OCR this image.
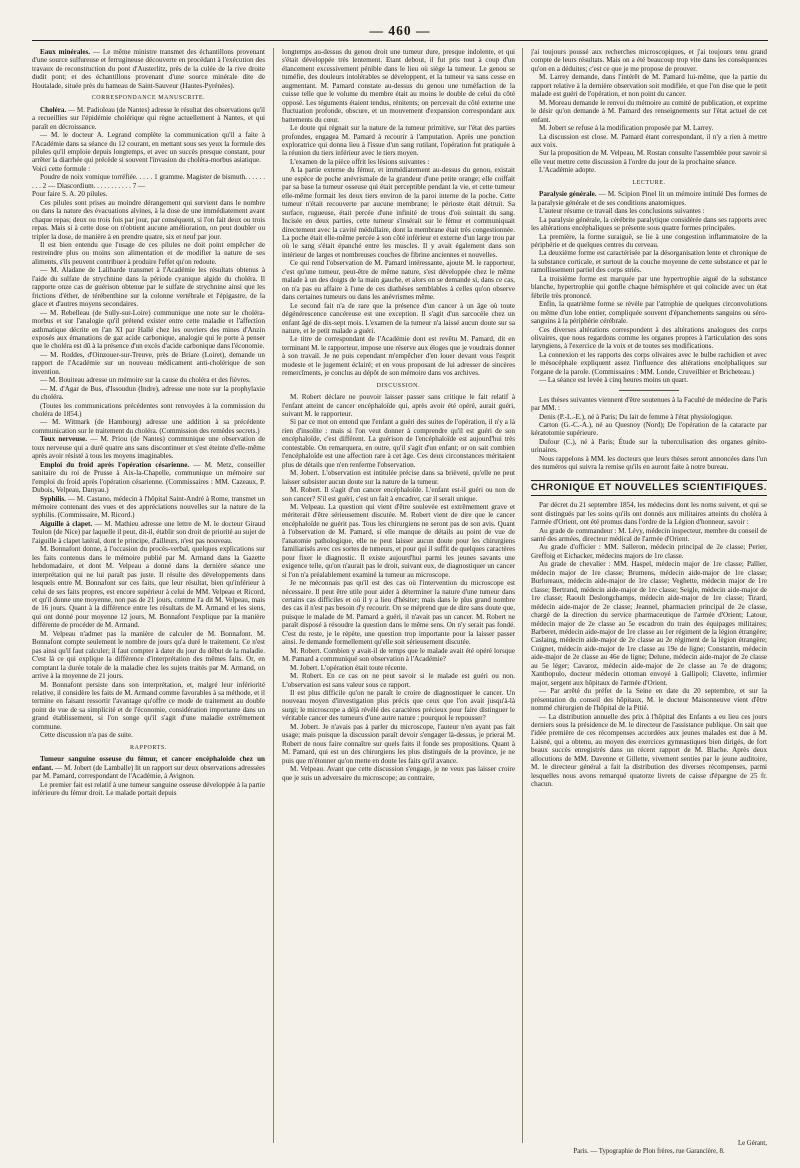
— 460 —

Eaux minérales. — Le même ministre transmet des échantillons provenant d'une source sulfureuse et ferrugineuse découverte en procédant à l'exécution des travaux de reconstruction du pont d'Austerlitz, près de la culée de la rive droite dudit pont; et des échantillons provenant d'une source minérale dite de Houtalade, située près du hameau de Saint-Sauveur (Hautes-Pyrénées).

CORRESPONDANCE MANUSCRITE.

Choléra. — M. Padioleau (de Nantes) adresse le résultat des observations qu'il a recueillies sur l'épidémie cholérique qui règne actuellement à Nantes, et qui paraît en décroissance.

— M. le docteur A. Legrand complète la communication qu'il a faite à l'Académie dans sa séance du 12 courant, en mettant sous ses yeux la formule des pilules qu'il emploie depuis longtemps, et avec un succès presque constant, pour arrêter la diarrhée qui précède si souvent l'invasion du choléra-morbus asiatique.

Voici cette formule :

Poudre de noix vomique torréfiée. . . . . 1 gramme. Magister de bismuth. . . . . . . . . 2 — Diascordium. . . . . . . . . . . 7 —

Pour faire S. A. 20 pilules.

Ces pilules sont prises au moindre dérangement qui survient dans le nombre ou dans la nature des évacuations alvines, à la dose de une immédiatement avant chaque repas; deux ou trois fois par jour, par conséquent, si l'on fait deux ou trois repas. Mais si à cette dose on n'obtient aucune amélioration, on peut doubler ou tripler la dose, de manière à en prendre quatre, six et neuf par jour.

Il est bien entendu que l'usage de ces pilules ne doit point empêcher de restreindre plus ou moins son alimentation et de modifier la nature de ses aliments, s'ils peuvent contribuer à produire l'effet qu'on redoute.

— M. Aladane de Lalibarde transmet à l'Académie les résultats obtenus à l'aide du sulfate de strychnine dans la période cyanique algide du choléra. Il rapporte onze cas de guérison obtenue par le sulfate de strychnine ainsi que les frictions d'éther, de térébenthine sur la colonne vertébrale et l'épigastre, de la glace et d'autres moyens secondaires.

— M. Rebelleau (de Sully-sur-Loire) communique une note sur le choléra-morbus et sur l'analogie qu'il prétend exister entre cette maladie et l'affection asthmatique décrite en l'an XI par Hallé chez les ouvriers des mines d'Anzin exposés aux émanations de gaz acide carbonique, analogie qui le porte à penser que le choléra est dû à la présence d'un excès d'acide carbonique dans l'économie.

— M. Roddes, d'Oinzouer-sur-Treuve, près de Briare (Loiret), demande un rapport de l'Académie sur un nouveau médicament anti-cholérique de son invention.

— M. Bouiteau adresse un mémoire sur la cause du choléra et des fièvres.

— M. d'Agar de Bus, d'Issoudun (Indre), adresse une note sur la prophylaxie du choléra.

(Toutes les communications précédentes sont renvoyées à la commission du choléra de 1854.)

— M. Witmark (de Hambourg) adresse une addition à sa précédente communication sur le traitement du choléra. (Commission des remèdes secrets.)

Toux nerveuse. — M. Priou (de Nantes) communique une observation de toux nerveuse qui a duré quatre ans sans discontinuer et s'est éteinte d'elle-même après avoir résisté à tous les moyens imaginables.

Emploi du froid après l'opération césarienne. — M. Metz, conseiller sanitaire du roi de Prusse à Aix-la-Chapelle, communique un mémoire sur l'emploi du froid après l'opération césarienne. (Commissaires : MM. Cazeaux, P. Dubois, Velpeau, Danyau.)

Syphilis. — M. Castano, médecin à l'hôpital Saint-André à Rome, transmet un mémoire contenant des vues et des appréciations nouvelles sur la nature de la syphilis. (Commissaire, M. Ricord.)

Aiguille à clapet. — M. Mathieu adresse une lettre de M. le docteur Giraud Teulon (de Nice) par laquelle il peut, dit-il, établir son droit de priorité au sujet de l'aiguille à clapet latéral, dont le principe, d'ailleurs, n'est pas nouveau.

M. Bonnafont donne, à l'occasion du procès-verbal, quelques explications sur les faits contenus dans le mémoire publié par M. Armand dans la Gazette hebdomadaire, et dont M. Velpeau a donné dans la dernière séance une interprétation qui ne lui paraît pas juste. Il résulte des développements dans lesquels entre M. Bonnafont sur ces faits, que leur résultat, bien qu'inférieur à celui de ses faits propres, est encore supérieur à celui de MM. Velpeau et Ricord, et qu'il donne une moyenne, non pas de 21 jours, comme l'a dit M. Velpeau, mais de 16 jours. Quant à la différence entre les résultats de M. Armand et les siens, qui ont donné pour moyenne 12 jours, M. Bonnafont l'explique par la manière différente de procéder de M. Armand.

M. Velpeau n'admet pas la manière de calculer de M. Bonnafont. M. Bonnafont compte seulement le nombre de jours qu'a duré le traitement. Ce n'est pas ainsi qu'il faut calculer; il faut compter à dater du jour du début de la maladie. C'est là ce qui explique la différence d'interprétation des mêmes faits. Or, en comptant la durée totale de la maladie chez les sujets traités par M. Armand, on arrive à la moyenne de 21 jours.

M. Bonnafont persiste dans son interprétation, et, malgré leur infériorité relative, il considère les faits de M. Armand comme favorables à sa méthode, et il termine en faisant ressortir l'avantage qu'offre ce mode de traitement au double point de vue de sa simplicité et de l'économie, considération importante dans un grand établissement, si l'on songe qu'il s'agit d'une maladie extrêmement commune.

Cette discussion n'a pas de suite.

RAPPORTS.

Tumeur sanguine osseuse du fémur, et cancer encéphaloïde chez un enfant. — M. Jobert (de Lamballe) lit un rapport sur deux observations adressées par M. Pamard, correspondant de l'Académie, à Avignon.

Le premier fait est relatif à une tumeur sanguine osseuse développée à la partie inférieure du fémur droit. Le malade portait depuis

longtemps au-dessus du genou droit une tumeur dure, presque indolente, et qui s'était développée très lentement. Etant debout, il fut pris tout à coup d'un élancement excessivement pénible dans le lieu où siège la tumeur. Le genou se tuméfie, des douleurs intolérables se développent, et la tumeur va sans cesse en augmentant. M. Pamard constate au-dessus du genou une tuméfaction de la cuisse telle que le volume du membre était au moins le double de celui du côté opposé. Les téguments étaient tendus, rénitents; on percevait du côté externe une fluctuation profonde, obscure, et un mouvement d'expansion correspondant aux battements du cœur.

Le doute qui régnait sur la nature de la tumeur primitive, sur l'état des parties profondes, engagea M. Pamard à recourir à l'amputation. Après une ponction exploratrice qui donna lieu à l'issue d'un sang rutilant, l'opération fut pratiquée à la réunion du tiers inférieur avec le tiers moyen.

L'examen de la pièce offrit les lésions suivantes :

A la partie externe du fémur, et immédiatement au-dessus du genou, existait une espèce de poche anévrismale de la grandeur d'une petite orange; elle coiffait par sa base la tumeur osseuse qui était perceptible pendant la vie, et cette tumeur elle-même formait les deux tiers environ de la paroi interne de la poche. Cette tumeur n'était recouverte par aucune membrane; le périoste était détruit. Sa surface, rugueuse, était percée d'une infinité de trous d'où suintait du sang. Incisée en deux parties, cette tumeur s'insérait sur le fémur et communiquait directement avec la cavité médullaire, dont la membrane était très congestionnée. La poche était elle-même percée à son côté inférieur et externe d'un large trou par où le sang s'était épanché entre les muscles. Il y avait également dans son intérieur de larges et nombreuses couches de fibrine anciennes et nouvelles.

Ce qui rend l'observation de M. Pamard intéressante, ajoute M. le rapporteur, c'est qu'une tumeur, peut-être de même nature, s'est développée chez le même malade à un des doigts de la main gauche, et alors on se demande si, dans ce cas, on n'a pas eu affaire à l'une de ces diathèses semblables à celles qu'on observe dans certaines tumeurs ou dans les anévrismes même.

Le second fait n'a de rare que la présence d'un cancer à un âge où toute dégénérescence cancéreuse est une exception. Il s'agit d'un sarcocèle chez un enfant âgé de dix-sept mois. L'examen de la tumeur n'a laissé aucun doute sur sa nature, et le petit malade a guéri.

Le titre de correspondant de l'Académie dont est revêtu M. Pamard, dit en terminant M. le rapporteur, impose une réserve aux éloges que je voudrais donner à son travail. Je ne puis cependant m'empêcher d'en louer devant vous l'esprit modeste et le jugement éclairé; et en vous proposant de lui adresser de sincères remercîments, je conclus au dépôt de son mémoire dans vos archives.

DISCUSSION.

M. Robert déclare ne pouvoir laisser passer sans critique le fait relatif à l'enfant atteint de cancer encéphaloïde qui, après avoir été opéré, aurait guéri, suivant M. le rapporteur.

Si par ce mot on entend que l'enfant a guéri des suites de l'opération, il n'y a là rien d'insolite : mais si l'on veut donner à comprendre qu'il est guéri de son encéphaloïde, c'est différent. La guérison de l'encéphaloïde est aujourd'hui très contestable. On remarquera, en outre, qu'il s'agit d'un enfant; or on sait combien l'encéphaloïde est une affection rare à cet âge. Ces deux circonstances méritaient plus de détails que n'en renferme l'observation.

M. Jobert. L'observation est intitulée précise dans sa brièveté, qu'elle ne peut laisser subsister aucun doute sur la nature de la tumeur.

M. Robert. Il s'agit d'un cancer encéphaloïde. L'enfant est-il guéri ou non de son cancer? S'il est guéri, c'est un fait à encadrer, car il serait unique.

M. Velpeau. La question qui vient d'être soulevée est extrêmement grave et mériterait d'être sérieusement discutée. M. Robert vient de dire que le cancer encéphaloïde ne guérit pas. Tous les chirurgiens ne seront pas de son avis. Quant à l'observation de M. Pamard, si elle manque de détails au point de vue de l'anatomie pathologique, elle ne peut laisser aucun doute pour les chirurgiens familiarisés avec ces sortes de tumeurs, et pour qui il suffit de quelques caractères pour fixer le diagnostic. Il existe aujourd'hui parmi les jeunes savants une exigence telle, qu'on n'aurait pas le droit, suivant eux, de diagnostiquer un cancer si l'on n'a préalablement examiné la tumeur au microscope.

Je ne méconnais pas qu'il est des cas où l'intervention du microscope est nécessaire. Il peut être utile pour aider à déterminer la nature d'une tumeur dans certains cas difficiles et où il y a lieu d'hésiter; mais dans le plus grand nombre des cas il n'est pas besoin d'y recourir. On se méprend que de dire sans doute que, puisque le malade de M. Pamard a guéri, il n'avait pas un cancer. M. Robert ne paraît disposé à résoudre la question dans le même sens. On n'y serait pas fondé. C'est du reste, je le répète, une question trop importante pour la laisser passer ainsi. Je demande formellement qu'elle soit sérieusement discutée.

M. Robert. Combien y avait-il de temps que le malade avait été opéré lorsque M. Pamard a communiqué son observation à l'Académie?

M. Jobert. L'opération était toute récente.

M. Robert. En ce cas on ne peut savoir si le malade est guéri ou non. L'observation est sans valeur sous ce rapport.

Il est plus difficile qu'on ne paraît le croire de diagnostiquer le cancer. Un nouveau moyen d'investigation plus précis que ceux que l'on avait jusqu'à-là surgi; le microscope a déjà révélé des caractères précieux pour faire distinguer le véritable cancer des tumeurs d'une autre nature : pourquoi le repousser?

M. Jobert. Je n'avais pas à parler du microscope, l'auteur n'en ayant pas fait usage; mais puisque la discussion paraît devoir s'engager là-dessus, je prierai M. Robert de nous faire connaître sur quels faits il fonde ses propositions. Quant à M. Pamard, qui est un des chirurgiens les plus distingués de la province, je ne puis que m'étonner qu'on mette en doute les faits qu'il avance.

M. Velpeau. Avant que cette discussion s'engage, je ne veux pas laisser croire que je suis un adversaire du microscope; au contraire,

j'ai toujours poussé aux recherches microscopiques, et j'ai toujours tenu grand compte de leurs résultats. Mais on a été beaucoup trop vite dans les conséquences qu'on en a déduites; c'est ce que je me propose de prouver.

M. Larrey demande, dans l'intérêt de M. Pamard lui-même, que la partie du rapport relative à la dernière observation soit modifiée, et que l'on dise que le petit malade est guéri de l'opération, et non point du cancer.

M. Moreau demande le renvoi du mémoire au comité de publication, et exprime le désir qu'on demande à M. Pamard des renseignements sur l'état actuel de cet enfant.

M. Jobert se refuse à la modification proposée par M. Larrey.

La discussion est close. M. Pamard étant correspondant, il n'y a rien à mettre aux voix.

Sur la proposition de M. Velpeau, M. Rostan consulte l'assemblée pour savoir si elle veut mettre cette discussion à l'ordre du jour de la prochaine séance.

L'Académie adopte.

LECTURE.

Paralysie générale. — M. Scipion Pinel lit un mémoire intitulé Des formes de la paralysie générale et de ses conditions anatomiques.

L'auteur résume ce travail dans les conclusions suivantes :

La paralysie générale, la cérébrite paralytique considérée dans ses rapports avec les altérations encéphaliques se présente sous quatre formes principales.

La première, la forme suraiguë, se lie à une congestion inflammatoire de la périphérie et de quelques centres du cerveau.

La deuxième forme est caractérisée par la désorganisation lente et chronique de la substance corticale, et surtout de la couche moyenne de cette substance et par le ramollissement partiel des corps striés.

La troisième forme est marquée par une hypertrophie aiguë de la substance blanche, hypertrophie qui gonfle chaque hémisphère et qui coïncide avec un état fébrile très prononcé.

Enfin, la quatrième forme se révèle par l'atrophie de quelques circonvolutions ou même d'un lobe entier, compliquée souvent d'épanchements sanguins ou séro-sanguins à la périphérie cérébrale.

Ces diverses altérations correspondent à des altérations analogues des corps olivaires, que nous regardons comme les organes propres à l'articulation des sons laryngiens, à l'exercice de la voix et de toutes ses modifications.

La connexion et les rapports des corps olivaires avec le bulbe rachidien et avec le mésocéphale expliquent assez l'influence des altérations encéphaliques sur l'organe de la parole. (Commissaires : MM. Londe, Cruveilhier et Bricheteau.)

— La séance est levée à cinq heures moins un quart.

Les thèses suivantes viennent d'être soutenues à la Faculté de médecine de Paris par MM. :

Denis (P.-L.-E.), né à Paris; Du lait de femme à l'état physiologique.

Carton (G.-C.-A.), né au Quesnoy (Nord); De l'opération de la cataracte par kératotomie supérieure.

Dufour (C.), né à Paris; Étude sur la tuberculisation des organes génito-urinaires.

Nous rappelons à MM. les docteurs que leurs thèses seront annoncées dans l'un des numéros qui suivra la remise qu'ils en auront faite à notre bureau.

CHRONIQUE ET NOUVELLES SCIENTIFIQUES.

Par décret du 21 septembre 1854, les médecins dont les noms suivent, et qui se sont distingués par les soins qu'ils ont donnés aux militaires atteints du choléra à l'armée d'Orient, ont été promus dans l'ordre de la Légion d'honneur, savoir :

Au grade de commandeur : M. Lévy, médecin inspecteur, membre du conseil de santé des armées, directeur médical de l'armée d'Orient.

Au grade d'officier : MM. Salleron, médecin principal de 2e classe; Perier, Greffoig et Eichacker, médecins majors de 1re classe.

Au grade de chevalier : MM. Haspel, médecin major de 1re classe; Pallier, médecin major de 1re classe; Brumens, médecin aide-major de 1re classe; Burlureaux, médecin aide-major de 1re classe; Veghette, médecin major de 1re classe; Bertrand, médecin aide-major de 1re classe; Seigle, médecin aide-major de 1re classe; Raoult Deslongchamps, médecin aide-major de 1re classe; Tirard, médecin aide-major de 2e classe; Jeannel, pharmacien principal de 2e classe, chargé de la direction du service pharmaceutique de l'armée d'Orient; Latour, médecin major de 2e classe au 5e escadron du train des équipages militaires; Barberet, médecin aide-major de 1re classe au 1er régiment de la légion étrangère; Caslaing, médecin aide-major de 2e classe au 2e régiment de la légion étrangère; Cuignet, médecin aide-major de 1re classe au 19e de ligne; Constantin, médecin aide-major de 2e classe au 46e de ligne; Delune, médecin aide-major de 2e classe au 5e léger; Cavaroz, médecin aide-major de 2e classe au 7e de dragons; Xanthopulo, docteur médecin ottoman envoyé à Gallipoli; Clavette, infirmier major, sergent aux hôpitaux de l'armée d'Orient.

— Par arrêté du préfet de la Seine en date du 20 septembre, et sur la présentation du conseil des hôpitaux, M. le docteur Maisonneuve vient d'être nommé chirurgien de l'hôpital de la Pitié.

— La distribution annuelle des prix à l'hôpital des Enfants a eu lieu ces jours derniers sous la présidence de M. le directeur de l'assistance publique. On sait que l'idée première de ces récompenses accordées aux jeunes malades est due à M. Laisné, qui a obtenu, au moyen des exercices gymnastiques bien dirigés, de fort beaux succès enregistrés dans un récent rapport de M. Blache. Après deux allocutions de MM. Davenne et Gillette, vivement senties par le jeune auditoire, M. le directeur général a fait la distribution des diverses récompenses, parmi lesquelles nous avons remarqué quatorze livrets de caisse d'épargne de 25 fr. chacun.

Le Gérant,
Paris. — Typographie de Plon frères, rue Garancière, 8.
